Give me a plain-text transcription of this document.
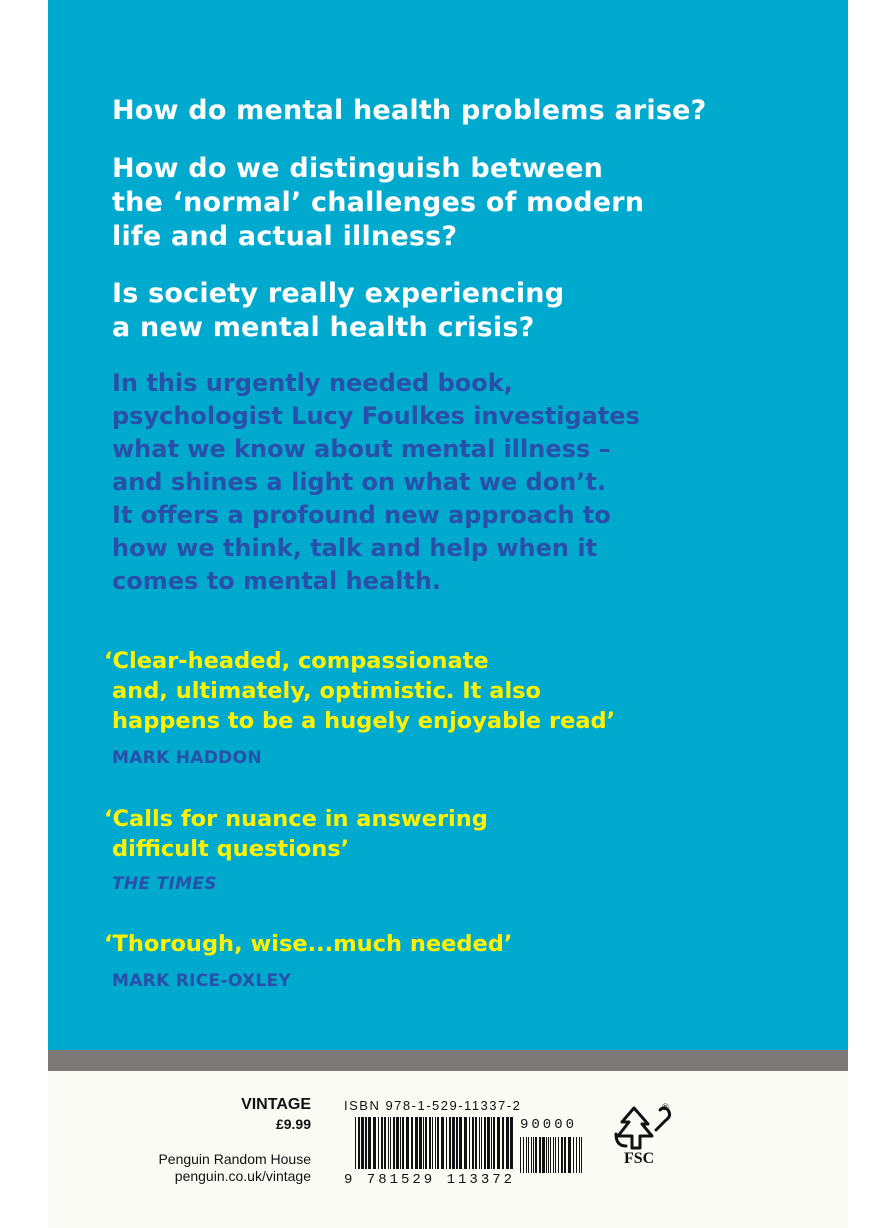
How do mental health problems arise?

How do we distinguish between

the ‘normal’ challenges of modern

life and actual illness?

Is society really experiencing

a new mental health crisis?

In this urgently needed book,
psychologist Lucy Foulkes investigates
what we know about mental illness –
and shines a light on what we don’t.
It offers a profound new approach to
how we think, talk and help when it
comes to mental health.
‘Clear-headed, compassionate
and, ultimately, optimistic. It also
happens to be a hugely enjoyable read’

MARK HADDON

‘Calls for nuance in answering
difficult questions’

THE TIMES

‘Thorough, wise...much needed’

MARK RICE-OXLEY

VINTAGE

£9.99

Penguin Random House

penguin.co.uk/vintage

ISBN 978-1-529-11337-2
9 781529 113372
90000
®
FSC
